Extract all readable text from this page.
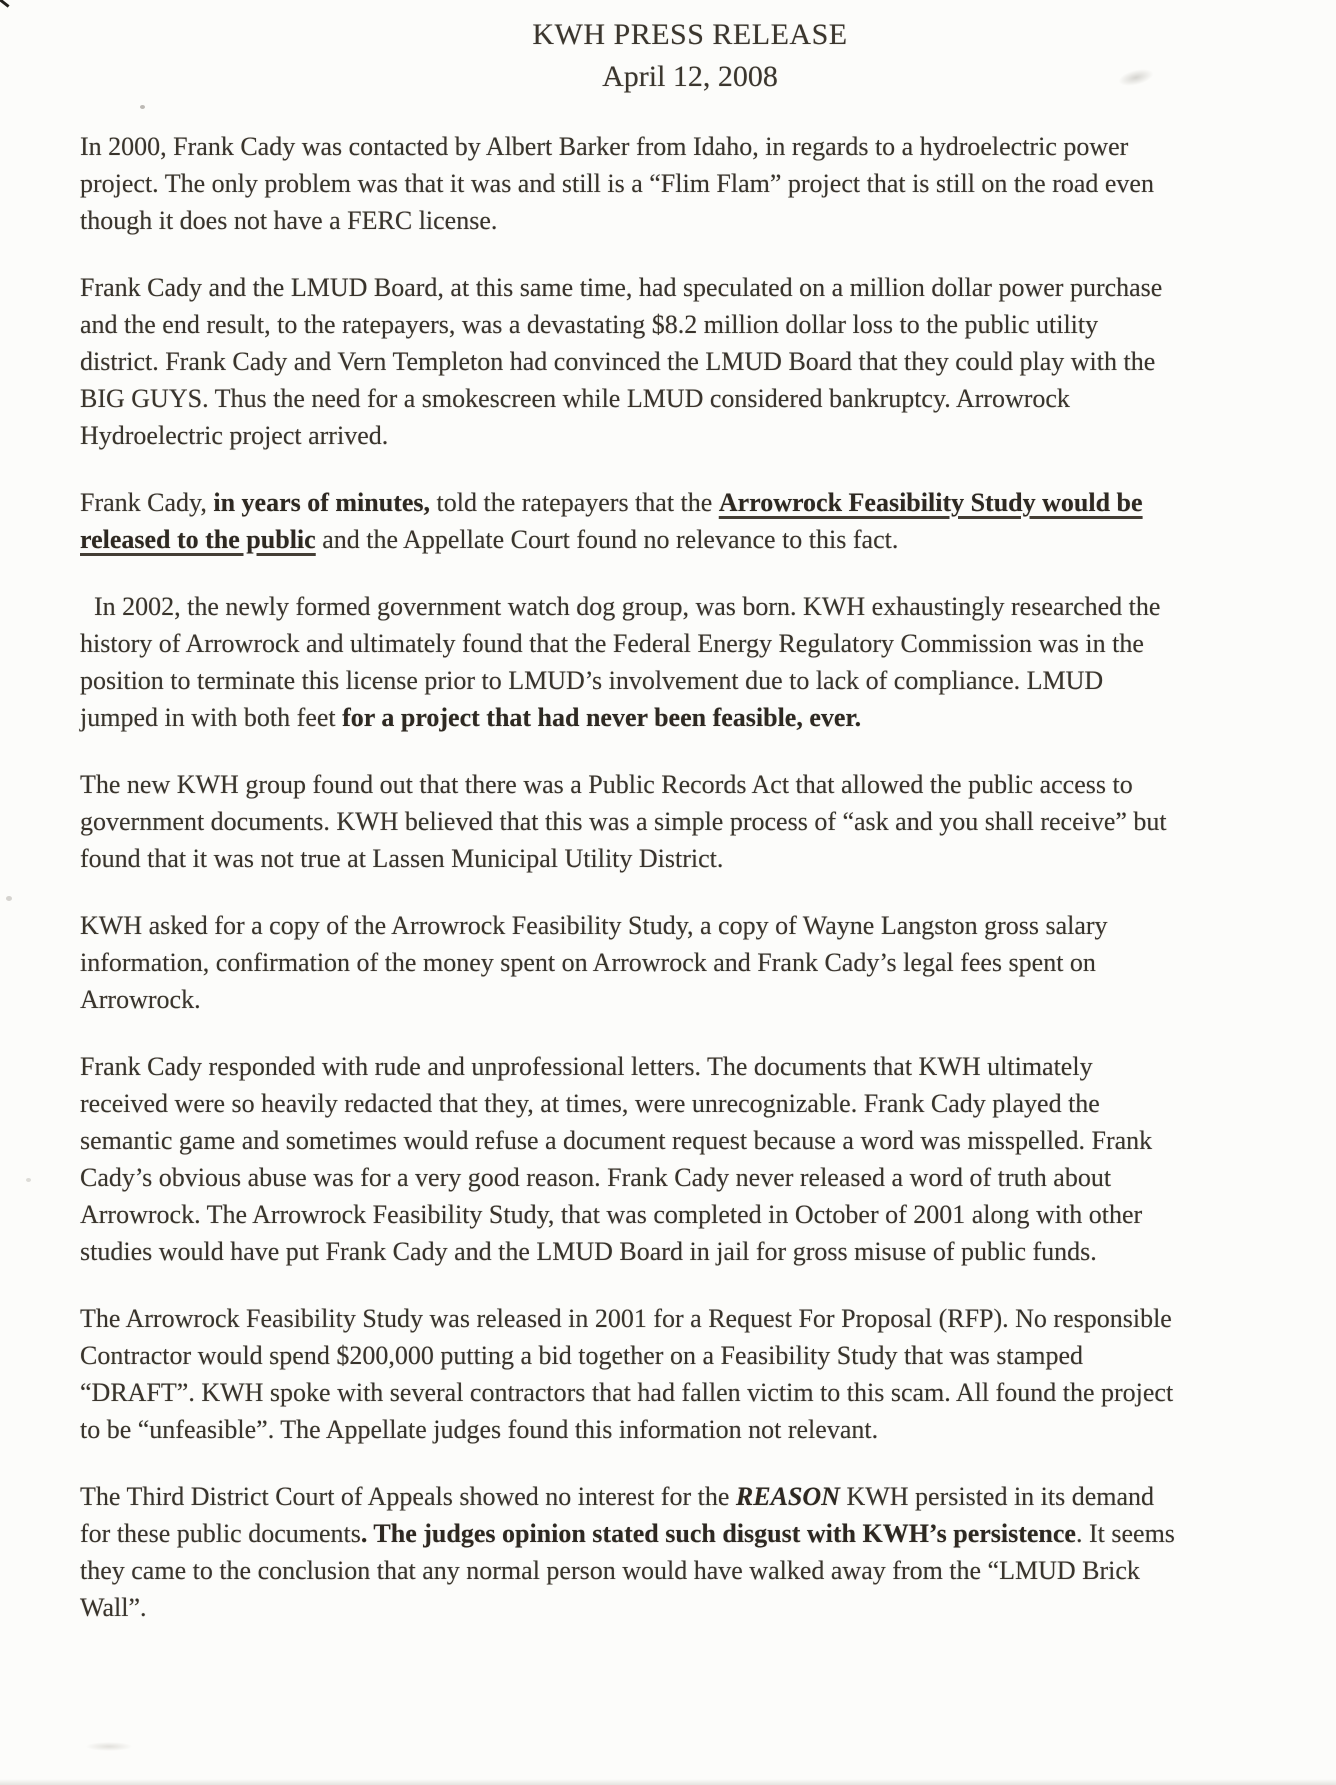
KWH PRESS RELEASE
April 12, 2008

In 2000, Frank Cady was contacted by Albert Barker from Idaho, in regards to a hydroelectric power project. The only problem was that it was and still is a “Flim Flam” project that is still on the road even though it does not have a FERC license.

Frank Cady and the LMUD Board, at this same time, had speculated on a million dollar power purchase and the end result, to the ratepayers, was a devastating $8.2 million dollar loss to the public utility district. Frank Cady and Vern Templeton had convinced the LMUD Board that they could play with the BIG GUYS. Thus the need for a smokescreen while LMUD considered bankruptcy. Arrowrock Hydroelectric project arrived.

Frank Cady, in years of minutes, told the ratepayers that the Arrowrock Feasibility Study would be released to the public and the Appellate Court found no relevance to this fact.

In 2002, the newly formed government watch dog group, was born. KWH exhaustingly researched the history of Arrowrock and ultimately found that the Federal Energy Regulatory Commission was in the position to terminate this license prior to LMUD’s involvement due to lack of compliance. LMUD jumped in with both feet for a project that had never been feasible, ever.

The new KWH group found out that there was a Public Records Act that allowed the public access to government documents. KWH believed that this was a simple process of “ask and you shall receive” but found that it was not true at Lassen Municipal Utility District.

KWH asked for a copy of the Arrowrock Feasibility Study, a copy of Wayne Langston gross salary information, confirmation of the money spent on Arrowrock and Frank Cady’s legal fees spent on Arrowrock.

Frank Cady responded with rude and unprofessional letters. The documents that KWH ultimately received were so heavily redacted that they, at times, were unrecognizable. Frank Cady played the semantic game and sometimes would refuse a document request because a word was misspelled. Frank Cady’s obvious abuse was for a very good reason. Frank Cady never released a word of truth about Arrowrock. The Arrowrock Feasibility Study, that was completed in October of 2001 along with other studies would have put Frank Cady and the LMUD Board in jail for gross misuse of public funds.

The Arrowrock Feasibility Study was released in 2001 for a Request For Proposal (RFP). No responsible Contractor would spend $200,000 putting a bid together on a Feasibility Study that was stamped “DRAFT”. KWH spoke with several contractors that had fallen victim to this scam. All found the project to be “unfeasible”. The Appellate judges found this information not relevant.

The Third District Court of Appeals showed no interest for the REASON KWH persisted in its demand for these public documents. The judges opinion stated such disgust with KWH’s persistence. It seems they came to the conclusion that any normal person would have walked away from the “LMUD Brick Wall”.
